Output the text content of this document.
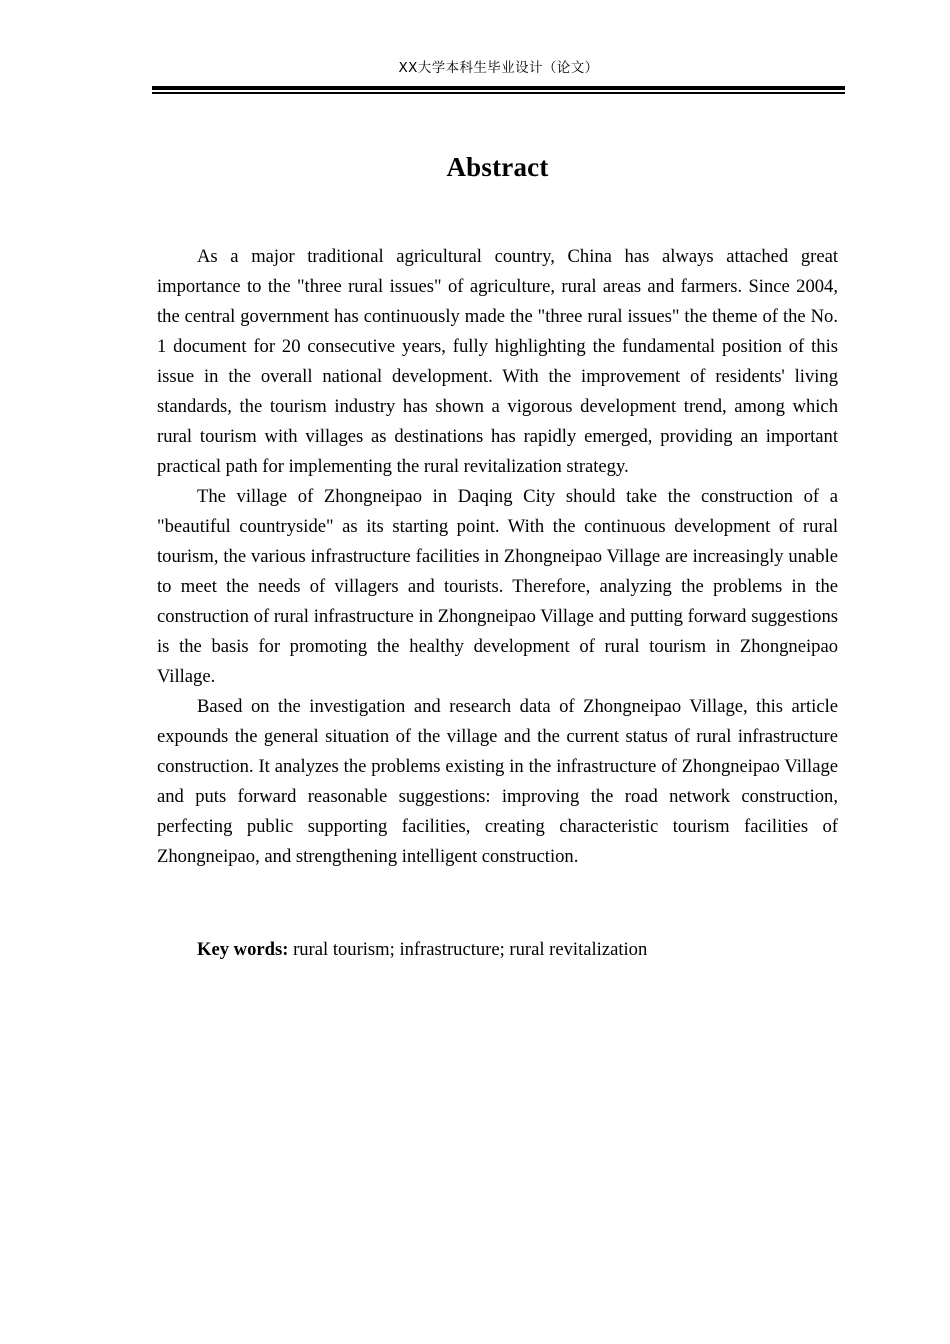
XX大学本科生毕业设计（论文）
Abstract

As a major traditional agricultural country, China has always attached great importance to the "three rural issues" of agriculture, rural areas and farmers. Since 2004, the central government has continuously made the "three rural issues" the theme of the No. 1 document for 20 consecutive years, fully highlighting the fundamental position of this issue in the overall national development. With the improvement of residents' living standards, the tourism industry has shown a vigorous development trend, among which rural tourism with villages as destinations has rapidly emerged, providing an important practical path for implementing the rural revitalization strategy.

The village of Zhongneipao in Daqing City should take the construction of a "beautiful countryside" as its starting point. With the continuous development of rural tourism, the various infrastructure facilities in Zhongneipao Village are increasingly unable to meet the needs of villagers and tourists. Therefore, analyzing the problems in the construction of rural infrastructure in Zhongneipao Village and putting forward suggestions is the basis for promoting the healthy development of rural tourism in Zhongneipao Village.

Based on the investigation and research data of Zhongneipao Village, this article expounds the general situation of the village and the current status of rural infrastructure construction. It analyzes the problems existing in the infrastructure of Zhongneipao Village and puts forward reasonable suggestions: improving the road network construction, perfecting public supporting facilities, creating characteristic tourism facilities of Zhongneipao, and strengthening intelligent construction.

Key words: rural tourism; infrastructure; rural revitalization
